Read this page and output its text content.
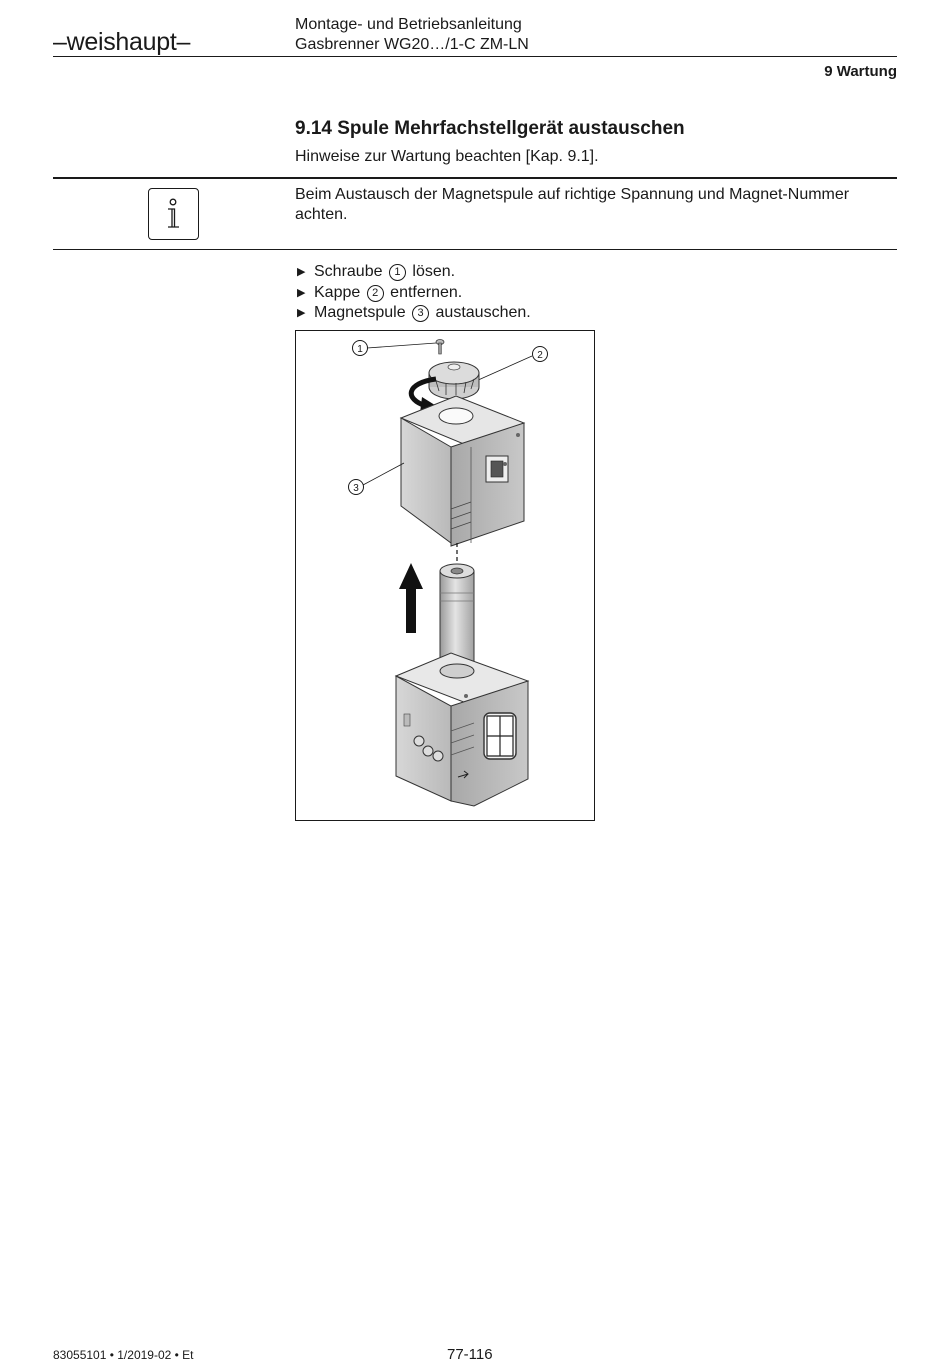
–weishaupt–
Montage- und Betriebsanleitung
Gasbrenner WG20…/1-C ZM-LN
9 Wartung
9.14 Spule Mehrfachstellgerät austauschen
Hinweise zur Wartung beachten [Kap. 9.1].
Beim Austausch der Magnetspule auf richtige Spannung und Magnet-Nummer achten.
▶ Schraube 1 lösen.
▶ Kappe 2 entfernen.
▶ Magnetspule 3 austauschen.
1
2
3
83055101 • 1/2019-02 • Et	77-116
